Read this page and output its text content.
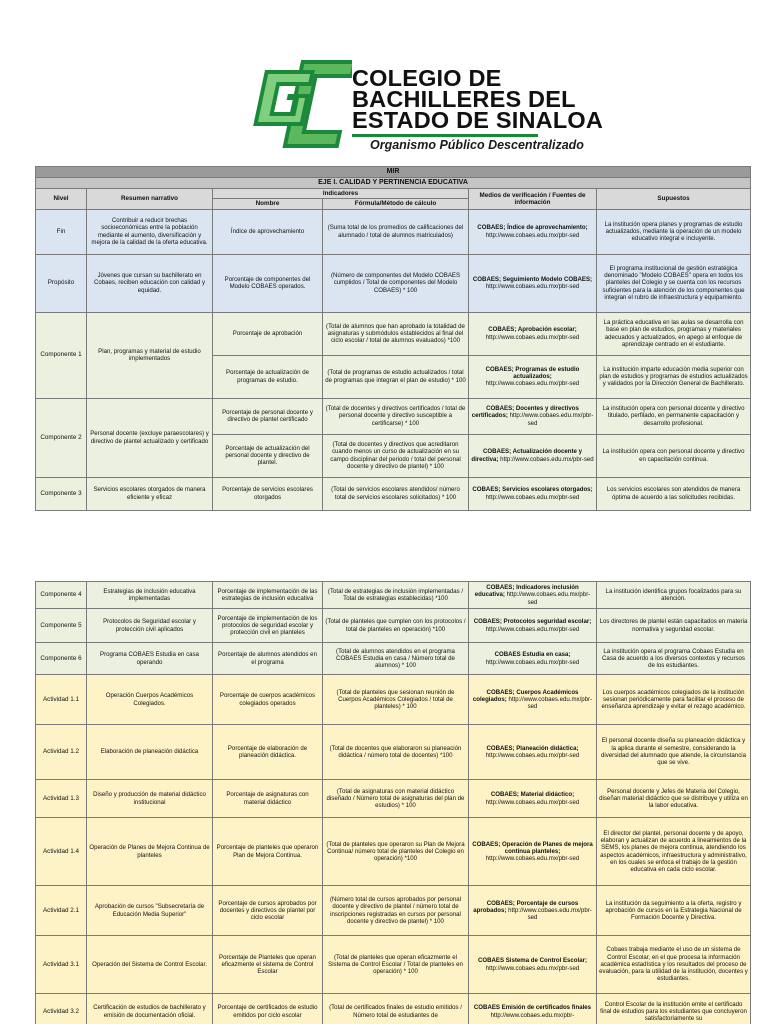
COLEGIO DE
BACHILLERES DEL
ESTADO DE SINALOA
Organismo Público Descentralizado
MIR					
EJE I. CALIDAD Y PERTINENCIA EDUCATIVA					
Nivel	Resumen narrativo	Indicadores		Medios de verificación / Fuentes de información	Supuestos
		Nombre	Fórmula/Método de cálculo		
Fin	Contribuir a reducir brechas socioeconómicas entre la población mediante el aumento, diversificación y mejora de la calidad de la oferta educativa.	Índice de aprovechamiento	(Suma total de los promedios de calificaciones del alumnado / total de alumnos matriculados)	COBAES; Índice de aprovechamiento; http://www.cobaes.edu.mx/pbr-sed	La institución opera planes y programas de estudio actualizados, mediante la operación de un modelo educativo integral e incluyente.
Propósito	Jóvenes que cursan su bachillerato en Cobaes, reciben educación con calidad y equidad.	Porcentaje de componentes del Modelo COBAES operados.	(Número de componentes del Modelo COBAES cumplidos / Total de componentes del Modelo COBAES) * 100	COBAES; Seguimiento Modelo COBAES; http://www.cobaes.edu.mx/pbr-sed	El programa institucional de gestión estratégica denominado "Modelo COBAES" opera en todos los planteles del Colegio y se cuenta con los recursos suficientes para la atención de los componentes que integran el rubro de infraestructura y equipamiento.
Componente 1	Plan, programas y material de estudio implementados	Porcentaje de aprobación	(Total de alumnos que han aprobado la totalidad de asignaturas y submódulos establecidos al final del ciclo escolar / total de alumnos evaluados) *100	COBAES; Aprobación escolar; http://www.cobaes.edu.mx/pbr-sed	La práctica educativa en las aulas se desarrolla con base en plan de estudios, programas y materiales adecuados y actualizados, en apego al enfoque de aprendizaje centrado en el estudiante.
		Porcentaje de actualización de programas de estudio.	(Total de programas de estudio actualizados / total de programas que integran el plan de estudio) * 100	COBAES; Programas de estudio actualizados; http://www.cobaes.edu.mx/pbr-sed	La institución imparte educación media superior con plan de estudios y programas de estudios actualizados y validados por la Dirección General de Bachillerato.
Componente 2	Personal docente (excluye paraescolares) y directivo de plantel actualizado y certificado	Porcentaje de personal docente y directivo de plantel certificado	(Total de docentes y directivos certificados / total de personal docente y directivo susceptible a certificarse) * 100	COBAES; Docentes y directivos certificados; http://www.cobaes.edu.mx/pbr-sed	La institución opera con personal docente y directivo titulado, perfilado, en permanente capacitación y desarrollo profesional.
		Porcentaje de actualización del personal docente y directivo de plantel.	(Total de docentes y directivos que acreditaron cuando menos un curso de actualización en su campo disciplinar del periodo / total del personal docente y directivo de plantel) * 100	COBAES; Actualización docente y directiva; http://www.cobaes.edu.mx/pbr-sed	La institución opera con personal docente y directivo en capacitación continua.
Componente 3	Servicios escolares otorgados de manera eficiente y eficaz	Porcentaje de servicios escolares otorgados	(Total de servicios escolares atendidos/ número total de servicios escolares solicitados) * 100	COBAES; Servicios escolares otorgados; http://www.cobaes.edu.mx/pbr-sed	Los servicios escolares son atendidos de manera óptima de acuerdo a las solicitudes recibidas.
Componente 4	Estrategias de inclusión educativa implementadas	Porcentaje de implementación de las estrategias de inclusión educativa	(Total de estrategias de inclusión implementadas / Total de estrategias establecidas) *100	COBAES; Indicadores inclusión educativa; http://www.cobaes.edu.mx/pbr-sed	La institución identifica grupos focalizados para su atención.
Componente 5	Protocolos de Seguridad escolar y protección civil aplicados	Porcentaje de implementación de los protocolos de seguridad escolar y protección civil en planteles	(Total de planteles que cumplen con los protocolos / total de planteles en operación) *100	COBAES; Protocolos seguridad escolar; http://www.cobaes.edu.mx/pbr-sed	Los directores de plantel están capacitados en materia normativa y seguridad escolar.
Componente 6	Programa COBAES Estudia en casa operando	Porcentaje de alumnos atendidos en el programa	(Total de alumnos atendidos en el programa COBAES Estudia en casa / Número total de alumnos) * 100	COBAES Estudia en casa; http://www.cobaes.edu.mx/pbr-sed	La institución opera el programa Cobaes Estudia en Casa de acuerdo a los diversos contextos y recursos de los estudiantes.
Actividad 1.1	Operación Cuerpos Académicos Colegiados.	Porcentaje de cuerpos académicos colegiados operados	(Total de planteles que sesionan reunión de Cuerpos Académicos Colegiados / total de planteles) * 100	COBAES; Cuerpos Académicos colegiados; http://www.cobaes.edu.mx/pbr-sed	Los cuerpos académicos colegiados de la institución sesionan periódicamente para facilitar el proceso de enseñanza aprendizaje y evitar el rezago académico.
Actividad 1.2	Elaboración de planeación didáctica	Porcentaje de elaboración de planeación didáctica.	(Total de docentes que elaboraron su planeación didáctica / número total de docentes) *100	COBAES; Planeación didáctica; http://www.cobaes.edu.mx/pbr-sed	El personal docente diseña su planeación didáctica y la aplica durante el semestre, considerando la diversidad del alumnado que atiende, la circunstancia que se vive.
Actividad 1.3	Diseño y producción de material didáctico institucional	Porcentaje de asignaturas con material didáctico	(Total de asignaturas con material didáctico diseñado / Número total de asignaturas del plan de estudios) * 100	COBAES; Material didáctico; http://www.cobaes.edu.mx/pbr-sed	Personal docente y Jefes de Materia del Colegio, diseñan material didáctico que se distribuye y utiliza en la labor educativa.
Actividad 1.4	Operación de Planes de Mejora Continua de planteles	Porcentaje de planteles que operaron Plan de Mejora Continua.	(Total de planteles que operaron su Plan de Mejora Continua/ número total de planteles del Colegio en operación) *100	COBAES; Operación de Planes de mejora continua planteles; http://www.cobaes.edu.mx/pbr-sed	El director del plantel, personal docente y de apoyo, elaboran y actualizan de acuerdo a lineamientos de la SEMS, los planes de mejora continua, atendiendo los aspectos académicos, infraestructura y administrativo, en los cuales se enfoca el trabajo de la gestión educativa en cada ciclo escolar.
Actividad 2.1	Aprobación de cursos "Subsecretaría de Educación Media Superior"	Porcentaje de cursos aprobados por docentes y directivos de plantel por ciclo escolar	(Número total de cursos aprobados por personal docente y directivo de plantel / número total de inscripciones registradas en cursos por personal docente y directivo de plantel) * 100	COBAES; Porcentaje de cursos aprobados; http://www.cobaes.edu.mx/pbr-sed	La institución da seguimiento a la oferta, registro y aprobación de cursos en la Estrategia Nacional de Formación Docente y Directiva.
Actividad 3.1	Operación del Sistema de Control Escolar.	Porcentaje de Planteles que operan eficazmente el sistema de Control Escolar	(Total de planteles que operan eficazmente el Sistema de Control Escolar / Total de planteles en operación) * 100	COBAES Sistema de Control Escolar; http://www.cobaes.edu.mx/pbr-sed	Cobaes trabaja mediante el uso de un sistema de Control Escolar, en el que procesa la información académica estadística y los resultados del proceso de evaluación, para la utilidad de la institución, docentes y estudiantes.
Actividad 3.2	Certificación de estudios de bachillerato y emisión de documentación oficial.	Porcentaje de certificados de estudio emitidos por ciclo escolar	(Total de certificados finales de estudio emitidos / Número total de estudiantes de	COBAES Emisión de certificados finales http://www.cobaes.edu.mx/pbr-	Control Escolar de la institución emite el certificado final de estudios para los estudiantes que concluyeron satisfactoriamente su
